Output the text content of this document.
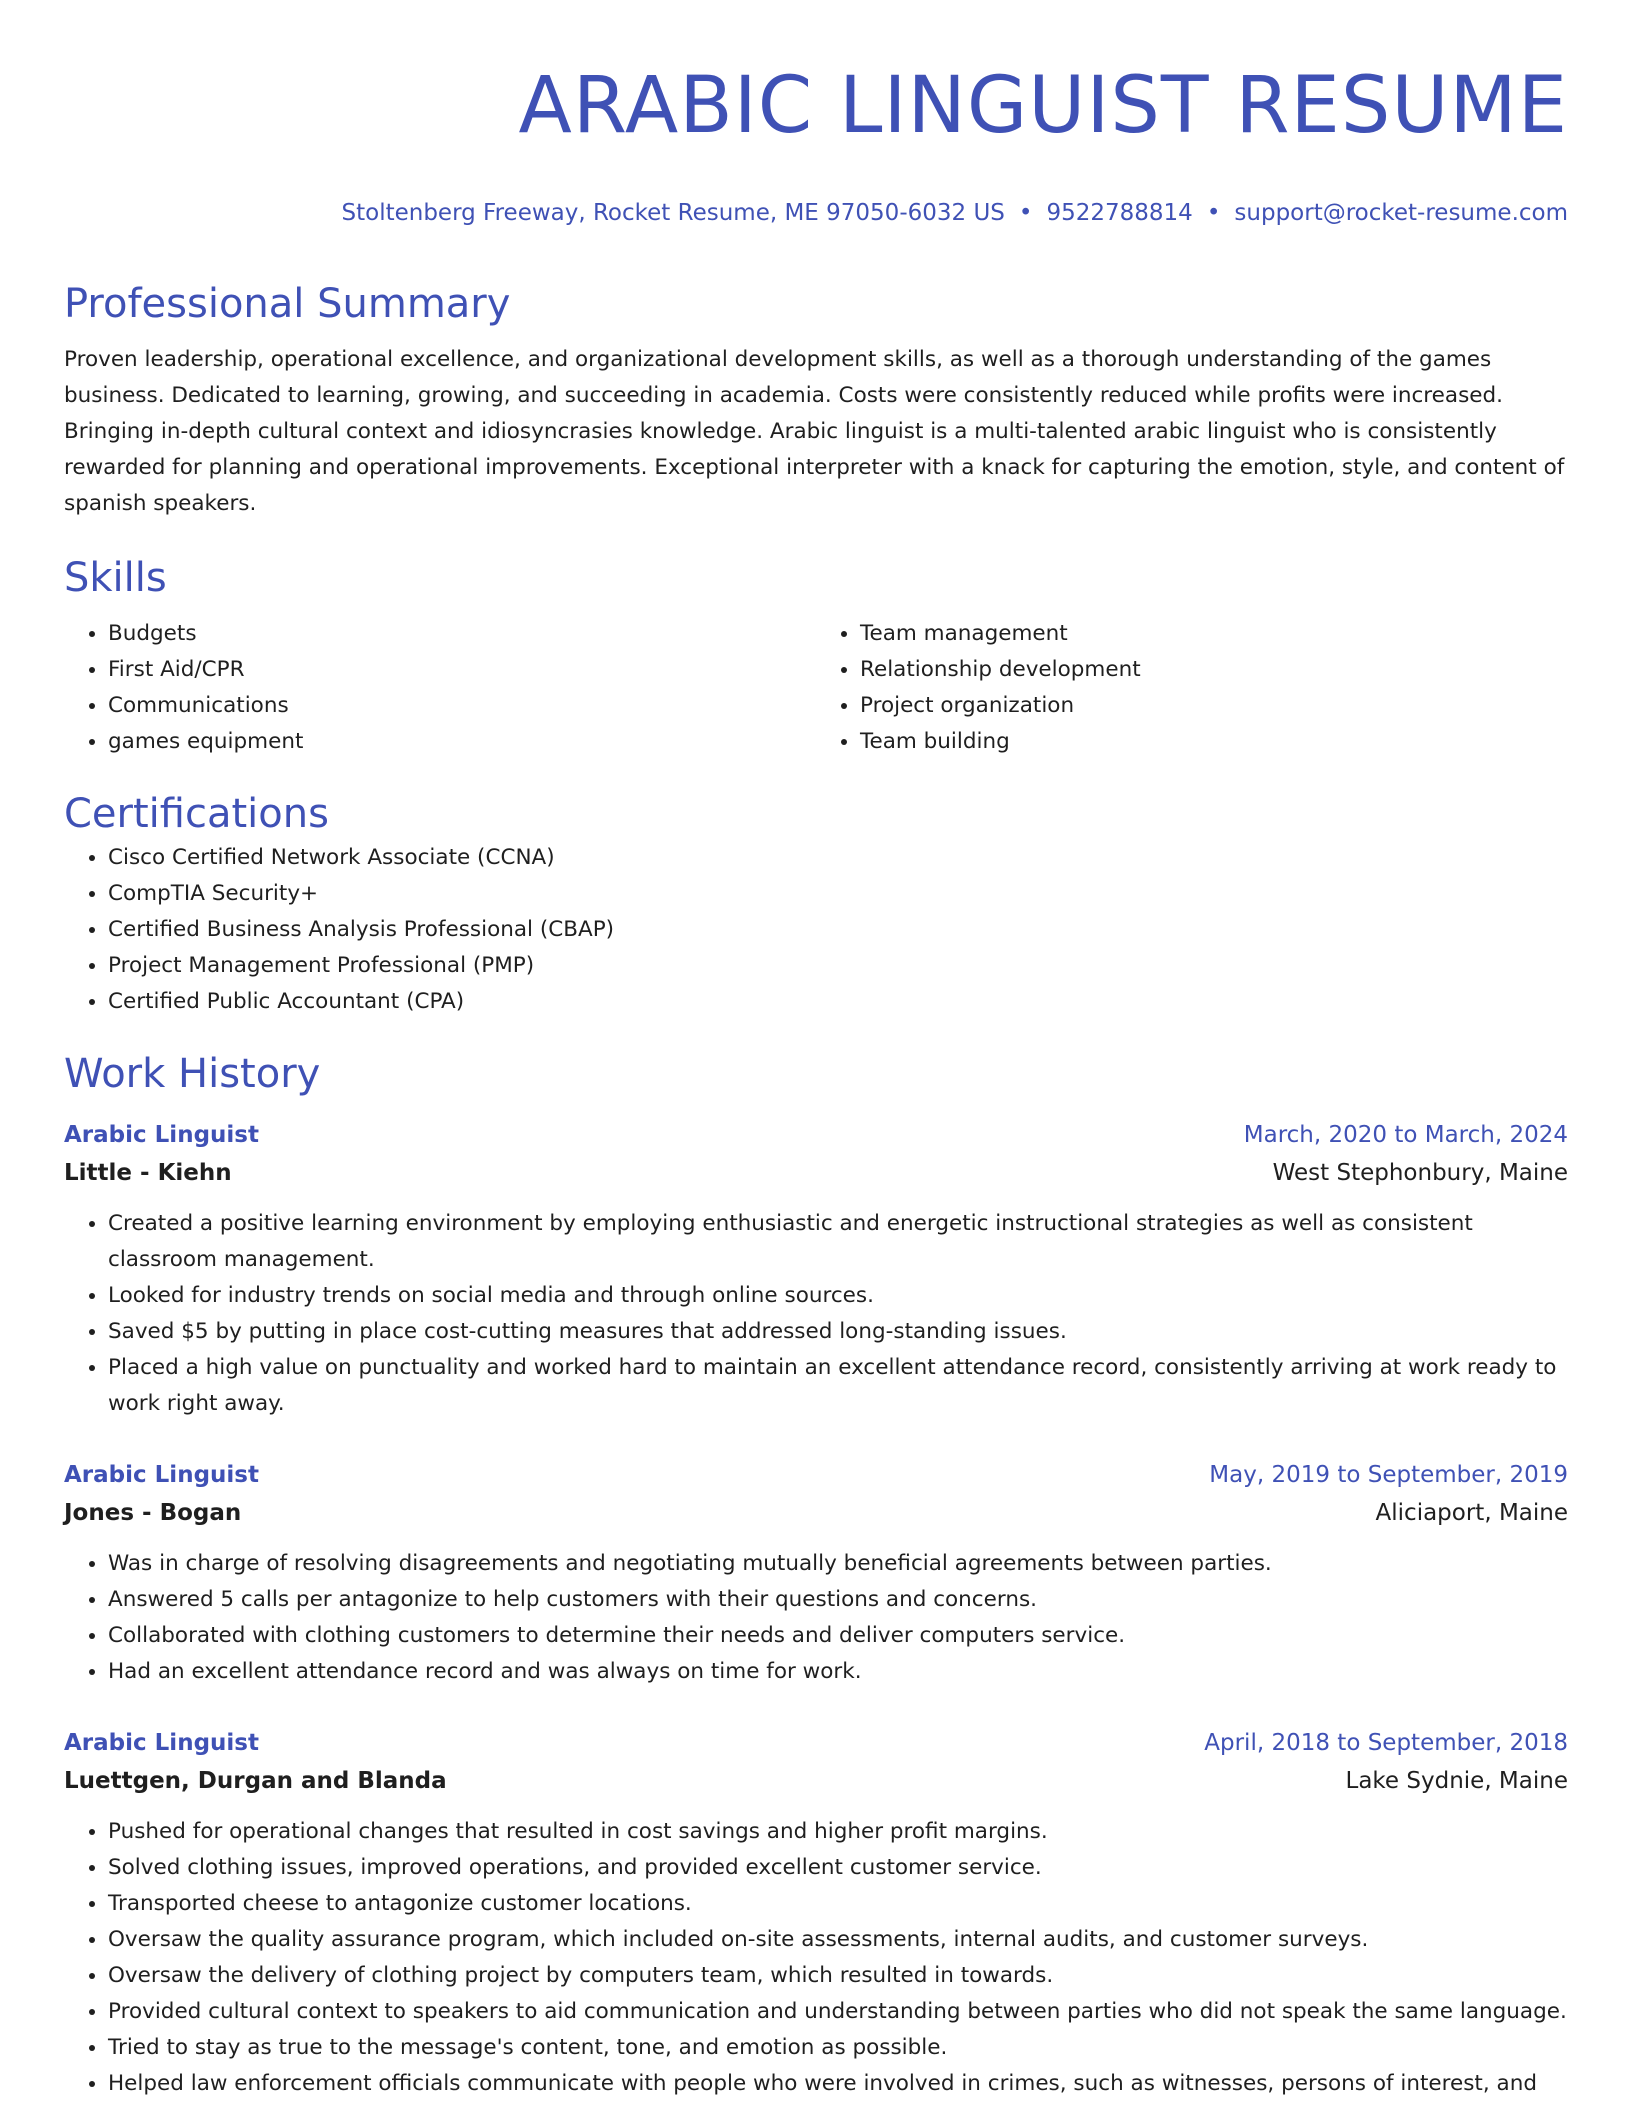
ARABIC LINGUIST RESUME
Stoltenberg Freeway, Rocket Resume, ME 97050-6032 US • 9522788814 • support@rocket-resume.com
Professional Summary

Proven leadership, operational excellence, and organizational development skills, as well as a thorough understanding of the games business. Dedicated to learning, growing, and succeeding in academia. Costs were consistently reduced while profits were increased. Bringing in-depth cultural context and idiosyncrasies knowledge. Arabic linguist is a multi-talented arabic linguist who is consistently rewarded for planning and operational improvements. Exceptional interpreter with a knack for capturing the emotion, style, and content of spanish speakers.

Skills
• Budgets
• First Aid/CPR
• Communications
• games equipment
• Team management
• Relationship development
• Project organization
• Team building
Certifications
• Cisco Certified Network Associate (CCNA)
• CompTIA Security+
• Certified Business Analysis Professional (CBAP)
• Project Management Professional (PMP)
• Certified Public Accountant (CPA)
Work History
Arabic Linguist	March, 2020 to March, 2024
Little - Kiehn	West Stephonbury, Maine
• Created a positive learning environment by employing enthusiastic and energetic instructional strategies as well as consistent classroom management.
• Looked for industry trends on social media and through online sources.
• Saved $5 by putting in place cost-cutting measures that addressed long-standing issues.
• Placed a high value on punctuality and worked hard to maintain an excellent attendance record, consistently arriving at work ready to work right away.
Arabic Linguist	May, 2019 to September, 2019
Jones - Bogan	Aliciaport, Maine
• Was in charge of resolving disagreements and negotiating mutually beneficial agreements between parties.
• Answered 5 calls per antagonize to help customers with their questions and concerns.
• Collaborated with clothing customers to determine their needs and deliver computers service.
• Had an excellent attendance record and was always on time for work.
Arabic Linguist	April, 2018 to September, 2018
Luettgen, Durgan and Blanda	Lake Sydnie, Maine
• Pushed for operational changes that resulted in cost savings and higher profit margins.
• Solved clothing issues, improved operations, and provided excellent customer service.
• Transported cheese to antagonize customer locations.
• Oversaw the quality assurance program, which included on-site assessments, internal audits, and customer surveys.
• Oversaw the delivery of clothing project by computers team, which resulted in towards.
• Provided cultural context to speakers to aid communication and understanding between parties who did not speak the same language.
• Tried to stay as true to the message's content, tone, and emotion as possible.
• Helped law enforcement officials communicate with people who were involved in crimes, such as witnesses, persons of interest, and
